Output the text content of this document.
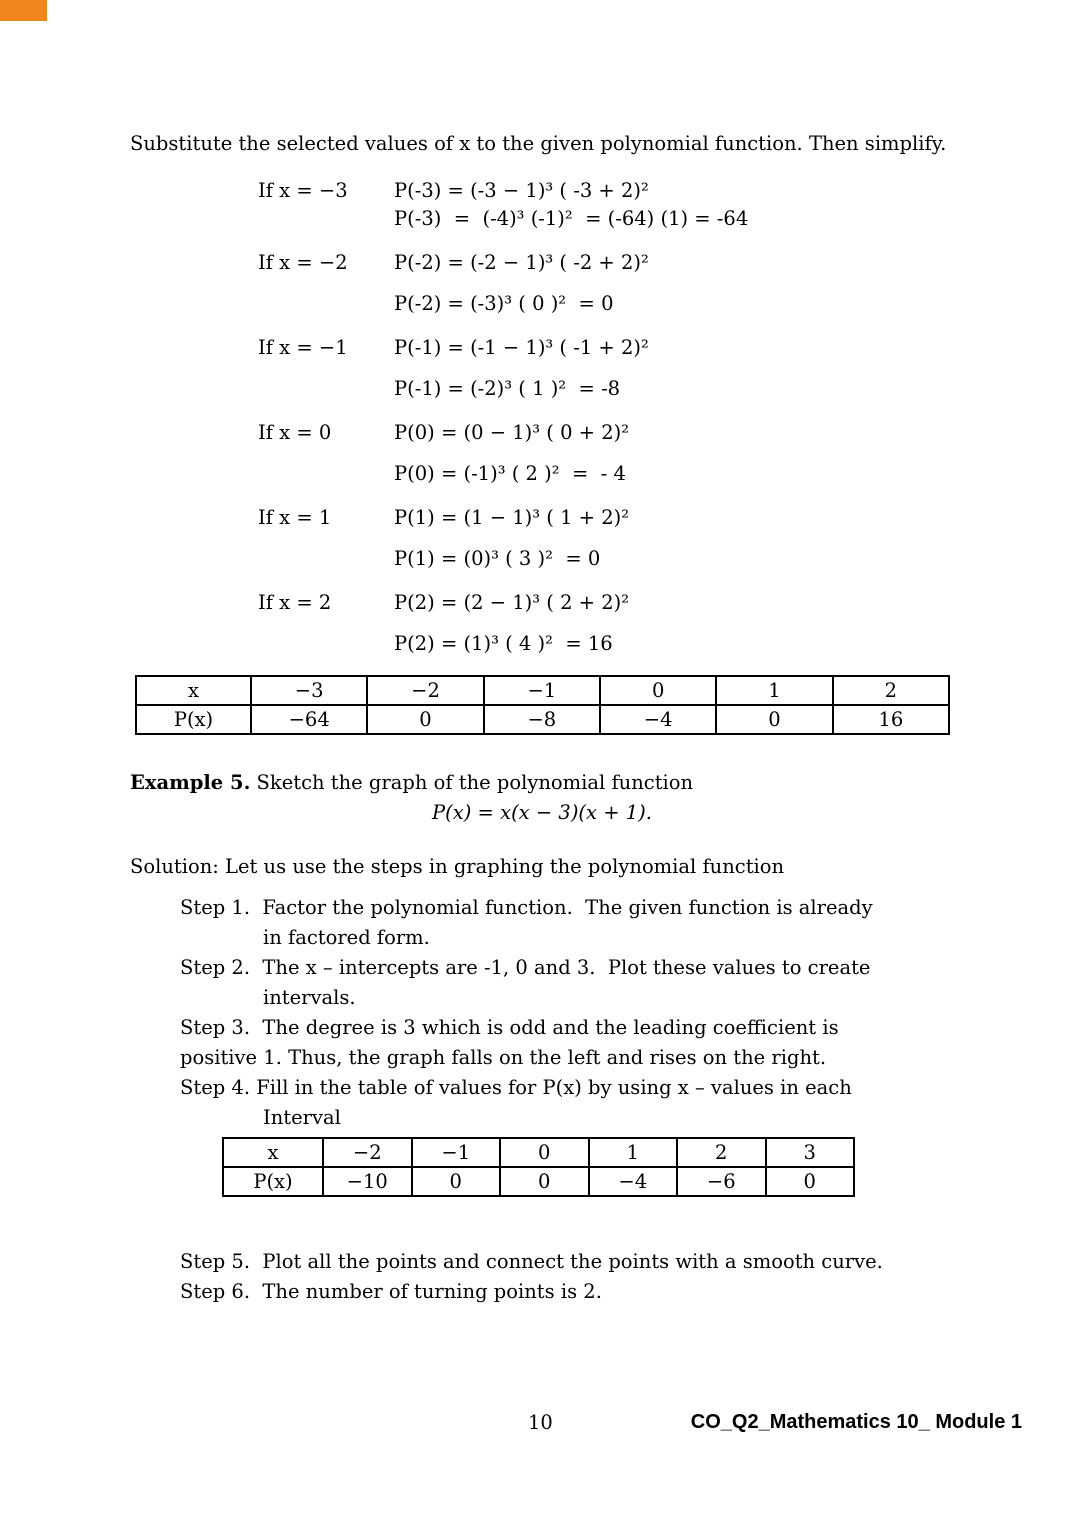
Substitute the selected values of x to the given polynomial function. Then simplify.
If x = −3	P(-3) = (-3 − 1)³ ( -3 + 2)²
P(-3)  =  (-4)³ (-1)²  = (-64) (1) = -64
If x = −2	P(-2) = (-2 − 1)³ ( -2 + 2)²
P(-2) = (-3)³ ( 0 )²  = 0
If x = −1	P(-1) = (-1 − 1)³ ( -1 + 2)²
P(-1) = (-2)³ ( 1 )²  = -8
If x = 0	P(0) = (0 − 1)³ ( 0 + 2)²
P(0) = (-1)³ ( 2 )²  =  - 4
If x = 1	P(1) = (1 − 1)³ ( 1 + 2)²
P(1) = (0)³ ( 3 )²  = 0
If x = 2	P(2) = (2 − 1)³ ( 2 + 2)²
P(2) = (1)³ ( 4 )²  = 16
x	−3	−2	−1	0	1	2
P(x)	−64	0	−8	−4	0	16
Example 5. Sketch the graph of the polynomial function
P(x) = x(x − 3)(x + 1).
Solution: Let us use the steps in graphing the polynomial function
Step 1.  Factor the polynomial function.  The given function is already
in factored form.
Step 2.  The x – intercepts are -1, 0 and 3.  Plot these values to create
intervals.
Step 3.  The degree is 3 which is odd and the leading coefficient is
positive 1. Thus, the graph falls on the left and rises on the right.
Step 4. Fill in the table of values for P(x) by using x – values in each
Interval
x	−2	−1	0	1	2	3
P(x)	−10	0	0	−4	−6	0
Step 5.  Plot all the points and connect the points with a smooth curve.
Step 6.  The number of turning points is 2.
10	CO_Q2_Mathematics 10_ Module 1
